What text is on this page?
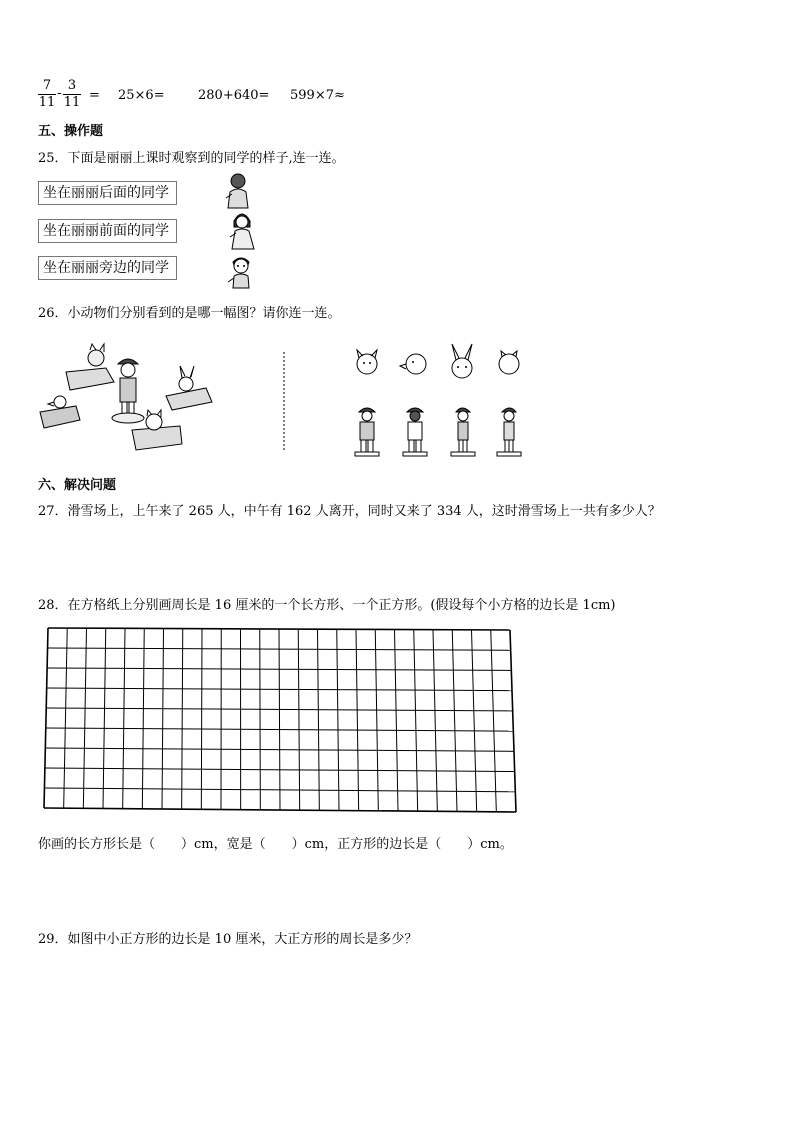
$\frac{7}{11} - \frac{3}{11} = 25\times 6=$	280+640= 599×7≈
五、操作题
25．下面是丽丽上课时观察到的同学的样子,连一连。
坐在丽丽后面的同学
坐在丽丽前面的同学
坐在丽丽旁边的同学
26．小动物们分别看到的是哪一幅图？请你连一连。
六、解决问题
27．滑雪场上，上午来了 265 人，中午有 162 人离开，同时又来了 334 人，这时滑雪场上一共有多少人？
28．在方格纸上分别画周长是 16 厘米的一个长方形、一个正方形。(假设每个小方格的边长是 1cm)
你画的长方形长是（　　）cm，宽是（　　）cm，正方形的边长是（　　）cm。
29．如图中小正方形的边长是 10 厘米，大正方形的周长是多少？
